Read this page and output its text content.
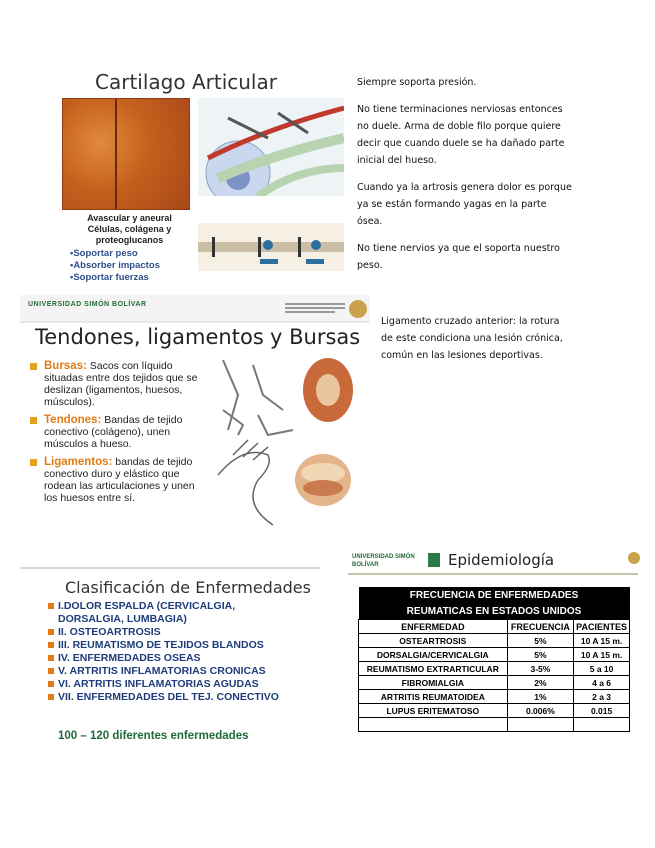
Cartilago Articular
Avascular y aneural
Células, colágena y proteoglucanos
•Soportar peso
•Absorber impactos
•Soportar fuerzas

Siempre soporta presión.

No tiene terminaciones nerviosas entonces no duele. Arma de doble filo porque quiere decir que cuando duele se ha dañado parte inicial del hueso.

Cuando ya la artrosis genera dolor es porque ya se están formando yagas en la parte ósea.

No tiene nervios ya que el soporta nuestro peso.

UNIVERSIDAD SIMÓN BOLÍVAR
Tendones, ligamentos y Bursas
Bursas: Sacos con líquido situadas entre dos tejidos que se deslizan (ligamentos, huesos, músculos).
Tendones: Bandas de tejido conectivo (colágeno), unen músculos a hueso.
Ligamentos: bandas de tejido conectivo duro y elástico que rodean las articulaciones y unen los huesos entre sí.

Ligamento cruzado anterior: la rotura de este condiciona una lesión crónica, común en las lesiones deportivas.

Clasificación de Enfermedades
I.DOLOR ESPALDA (CERVICALGIA,
DORSALGIA, LUMBAGIA)
II. OSTEOARTROSIS
III. REUMATISMO DE TEJIDOS BLANDOS
IV. ENFERMEDADES OSEAS
V. ARTRITIS INFLAMATORIAS CRONICAS
VI. ARTRITIS INFLAMATORIAS AGUDAS
VII. ENFERMEDADES DEL TEJ. CONECTIVO
100 – 120 diferentes enfermedades
UNIVERSIDAD SIMÓN BOLÍVAR	Epidemiología
FRECUENCIA DE ENFERMEDADES		
REUMATICAS EN ESTADOS UNIDOS		
ENFERMEDAD	FRECUENCIA	PACIENTES
OSTEARTROSIS	5%	10 A 15 m.
DORSALGIA/CERVICALGIA	5%	10 A 15 m.
REUMATISMO EXTRARTICULAR	3-5%	5 a 10
FIBROMIALGIA	2%	4 a 6
ARTRITIS REUMATOIDEA	1%	2 a 3
LUPUS ERITEMATOSO	0.006%	0.015
